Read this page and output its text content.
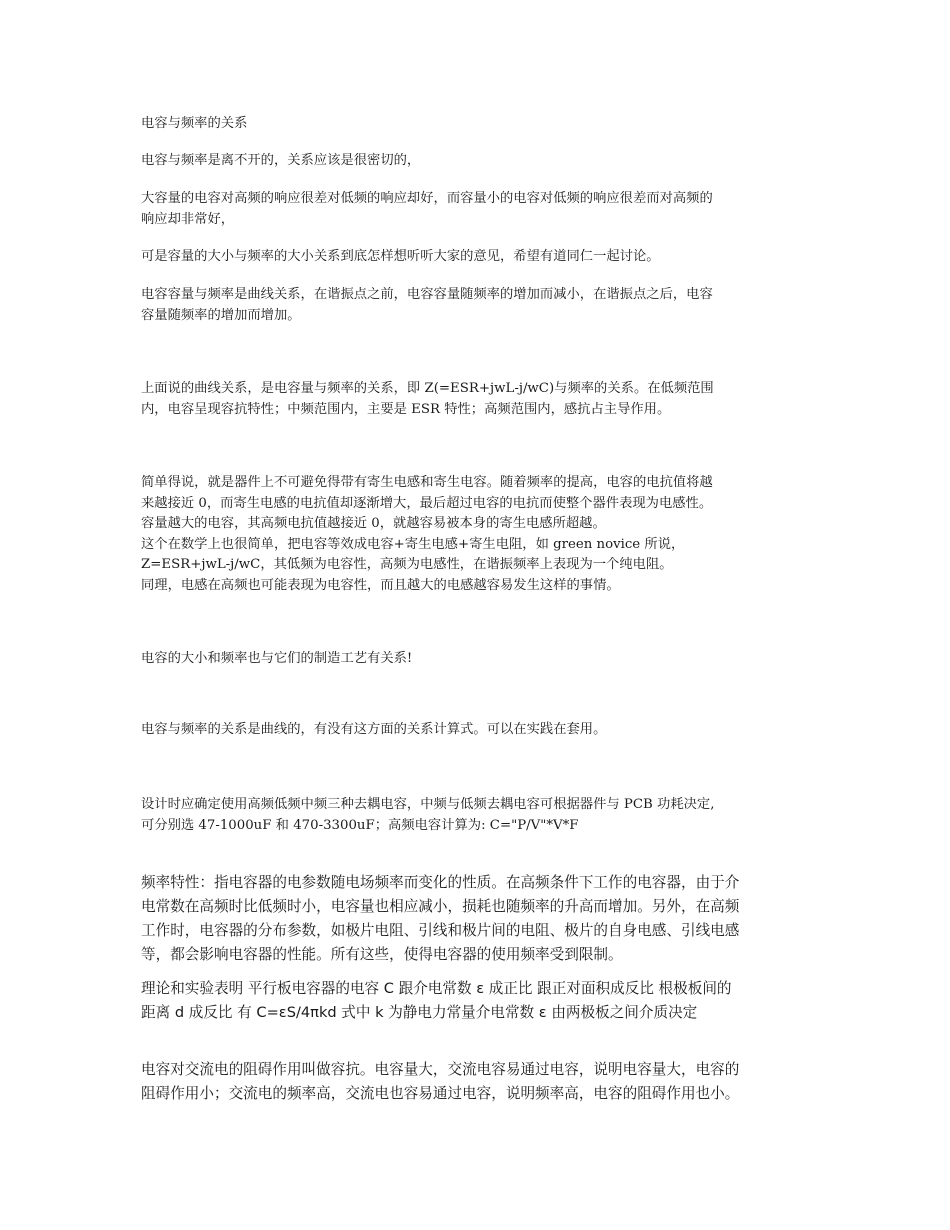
电容与频率的关系

电容与频率是离不开的，关系应该是很密切的，

大容量的电容对高频的响应很差对低频的响应却好，而容量小的电容对低频的响应很差而对高频的
响应却非常好，

可是容量的大小与频率的大小关系到底怎样想听听大家的意见，希望有道同仁一起讨论。

电容容量与频率是曲线关系，在谐振点之前，电容容量随频率的增加而减小，在谐振点之后，电容
容量随频率的增加而增加。

上面说的曲线关系，是电容量与频率的关系，即 Z(=ESR+jwL-j/wC)与频率的关系。在低频范围
内，电容呈现容抗特性；中频范围内，主要是 ESR 特性；高频范围内，感抗占主导作用。

简单得说，就是器件上不可避免得带有寄生电感和寄生电容。随着频率的提高，电容的电抗值将越
来越接近 0，而寄生电感的电抗值却逐渐增大，最后超过电容的电抗而使整个器件表现为电感性。
容量越大的电容，其高频电抗值越接近 0，就越容易被本身的寄生电感所超越。
这个在数学上也很简单，把电容等效成电容+寄生电感+寄生电阻，如 green novice 所说，
Z=ESR+jwL-j/wC，其低频为电容性，高频为电感性，在谐振频率上表现为一个纯电阻。
同理，电感在高频也可能表现为电容性，而且越大的电感越容易发生这样的事情。

电容的大小和频率也与它们的制造工艺有关系!

电容与频率的关系是曲线的，有没有这方面的关系计算式。可以在实践在套用。

设计时应确定使用高频低频中频三种去耦电容，中频与低频去耦电容可根据器件与 PCB 功耗决定,
可分别选 47-1000uF 和 470-3300uF；高频电容计算为: C="P/V"*V*F

频率特性：指电容器的电参数随电场频率而变化的性质。在高频条件下工作的电容器，由于介
电常数在高频时比低频时小，电容量也相应减小，损耗也随频率的升高而增加。另外，在高频
工作时，电容器的分布参数，如极片电阻、引线和极片间的电阻、极片的自身电感、引线电感
等，都会影响电容器的性能。所有这些，使得电容器的使用频率受到限制。

理论和实验表明 平行板电容器的电容 C 跟介电常数 ε 成正比 跟正对面积成反比 根极板间的
距离 d 成反比 有 C=εS/4πkd 式中 k 为静电力常量介电常数 ε 由两极板之间介质决定

电容对交流电的阻碍作用叫做容抗。电容量大，交流电容易通过电容，说明电容量大，电容的
阻碍作用小；交流电的频率高，交流电也容易通过电容，说明频率高，电容的阻碍作用也小。
